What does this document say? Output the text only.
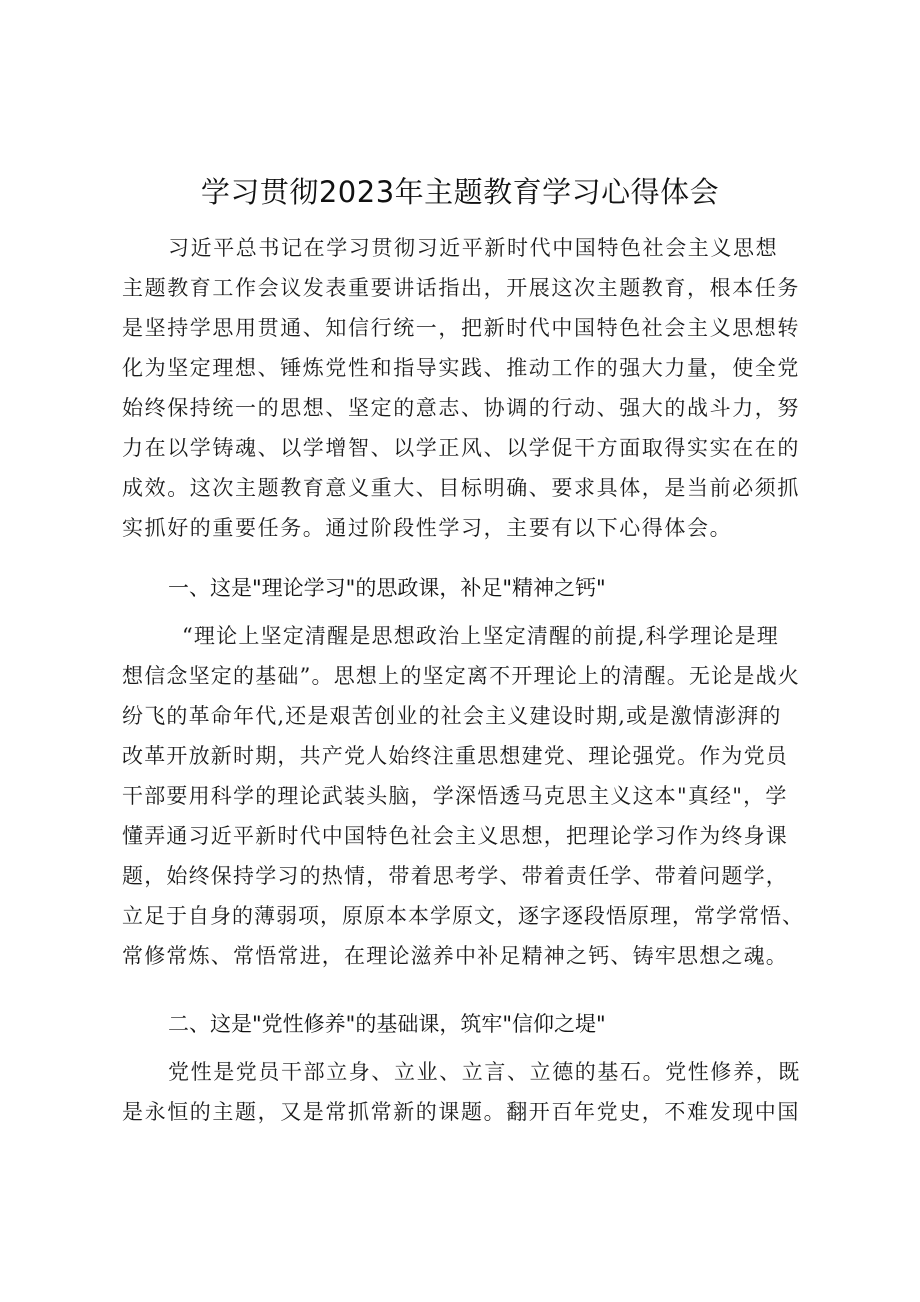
学习贯彻2023年主题教育学习心得体会
习近平总书记在学习贯彻习近平新时代中国特色社会主义思想
主题教育工作会议发表重要讲话指出，开展这次主题教育，根本任务
是坚持学思用贯通、知信行统一，把新时代中国特色社会主义思想转
化为坚定理想、锤炼党性和指导实践、推动工作的强大力量，使全党
始终保持统一的思想、坚定的意志、协调的行动、强大的战斗力，努
力在以学铸魂、以学增智、以学正风、以学促干方面取得实实在在的
成效。这次主题教育意义重大、目标明确、要求具体，是当前必须抓
实抓好的重要任务。通过阶段性学习，主要有以下心得体会。
一、这是"理论学习"的思政课，补足"精神之钙"
“理论上坚定清醒是思想政治上坚定清醒的前提,科学理论是理
想信念坚定的基础”。思想上的坚定离不开理论上的清醒。无论是战火
纷飞的革命年代,还是艰苦创业的社会主义建设时期,或是激情澎湃的
改革开放新时期，共产党人始终注重思想建党、理论强党。作为党员
干部要用科学的理论武装头脑，学深悟透马克思主义这本"真经"，学
懂弄通习近平新时代中国特色社会主义思想，把理论学习作为终身课
题，始终保持学习的热情，带着思考学、带着责任学、带着问题学，
立足于自身的薄弱项，原原本本学原文，逐字逐段悟原理，常学常悟、
常修常炼、常悟常进，在理论滋养中补足精神之钙、铸牢思想之魂。
二、这是"党性修养"的基础课，筑牢"信仰之堤"
党性是党员干部立身、立业、立言、立德的基石。党性修养，既
是永恒的主题，又是常抓常新的课题。翻开百年党史，不难发现中国
